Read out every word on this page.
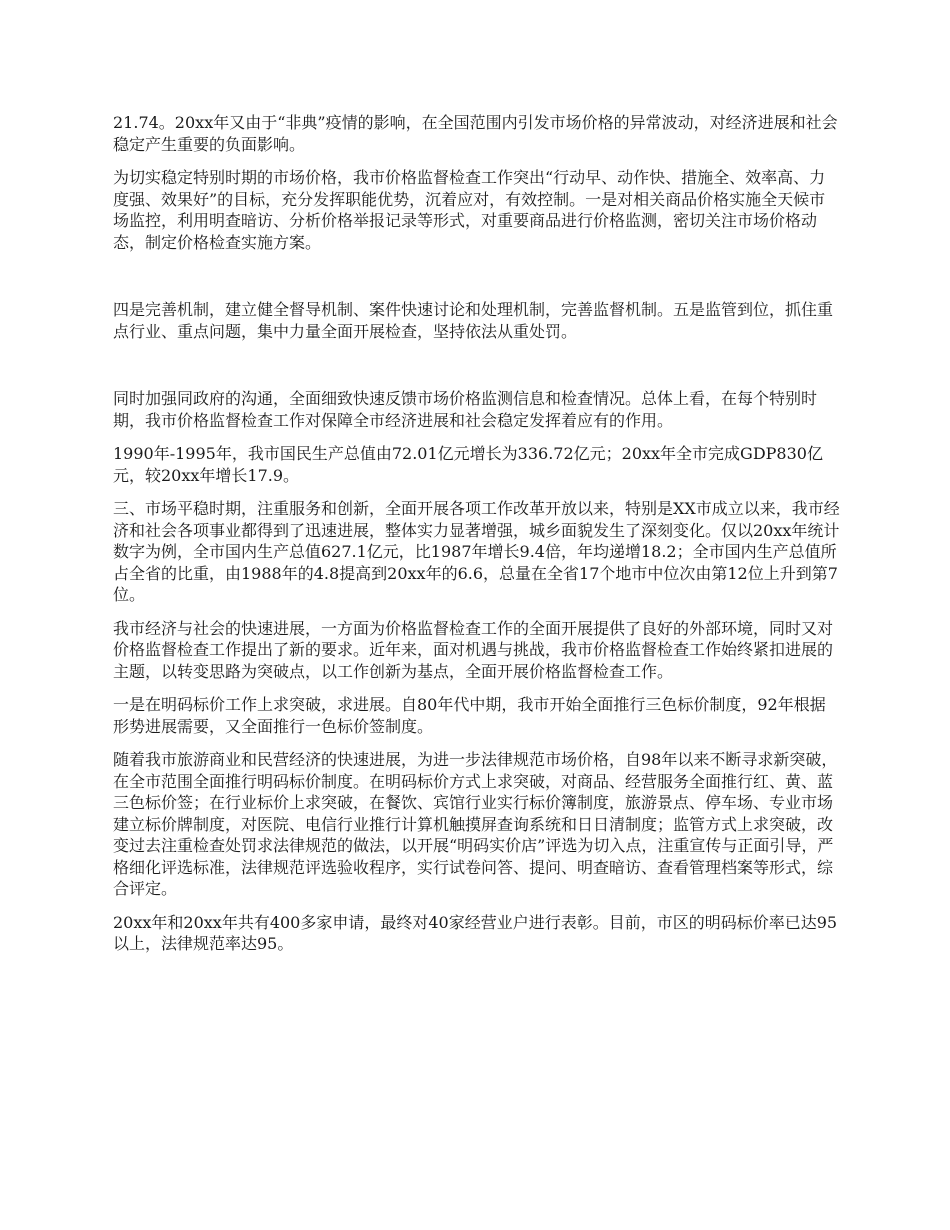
21.74。20xx年又由于“非典”疫情的影响，在全国范围内引发市场价格的异常波动，对经济进展和社会稳定产生重要的负面影响。

为切实稳定特别时期的市场价格，我市价格监督检查工作突出“行动早、动作快、措施全、效率高、力度强、效果好”的目标，充分发挥职能优势，沉着应对，有效控制。一是对相关商品价格实施全天候市场监控，利用明查暗访、分析价格举报记录等形式，对重要商品进行价格监测，密切关注市场价格动态，制定价格检查实施方案。

四是完善机制，建立健全督导机制、案件快速讨论和处理机制，完善监督机制。五是监管到位，抓住重点行业、重点问题，集中力量全面开展检查，坚持依法从重处罚。

同时加强同政府的沟通，全面细致快速反馈市场价格监测信息和检查情况。总体上看，在每个特别时期，我市价格监督检查工作对保障全市经济进展和社会稳定发挥着应有的作用。

1990年-1995年，我市国民生产总值由72.01亿元增长为336.72亿元；20xx年全市完成GDP830亿元，较20xx年增长17.9。

三、市场平稳时期，注重服务和创新，全面开展各项工作改革开放以来，特别是XX市成立以来，我市经济和社会各项事业都得到了迅速进展，整体实力显著增强，城乡面貌发生了深刻变化。仅以20xx年统计数字为例，全市国内生产总值627.1亿元，比1987年增长9.4倍，年均递增18.2；全市国内生产总值所占全省的比重，由1988年的4.8提高到20xx年的6.6，总量在全省17个地市中位次由第12位上升到第7位。

我市经济与社会的快速进展，一方面为价格监督检查工作的全面开展提供了良好的外部环境，同时又对价格监督检查工作提出了新的要求。近年来，面对机遇与挑战，我市价格监督检查工作始终紧扣进展的主题，以转变思路为突破点，以工作创新为基点，全面开展价格监督检查工作。

一是在明码标价工作上求突破，求进展。自80年代中期，我市开始全面推行三色标价制度，92年根据形势进展需要，又全面推行一色标价签制度。

随着我市旅游商业和民营经济的快速进展，为进一步法律规范市场价格，自98年以来不断寻求新突破，在全市范围全面推行明码标价制度。在明码标价方式上求突破，对商品、经营服务全面推行红、黄、蓝三色标价签；在行业标价上求突破，在餐饮、宾馆行业实行标价簿制度，旅游景点、停车场、专业市场建立标价牌制度，对医院、电信行业推行计算机触摸屏查询系统和日日清制度；监管方式上求突破，改变过去注重检查处罚求法律规范的做法，以开展“明码实价店”评选为切入点，注重宣传与正面引导，严格细化评选标准，法律规范评选验收程序，实行试卷问答、提问、明查暗访、查看管理档案等形式，综合评定。

20xx年和20xx年共有400多家申请，最终对40家经营业户进行表彰。目前，市区的明码标价率已达95以上，法律规范率达95。
